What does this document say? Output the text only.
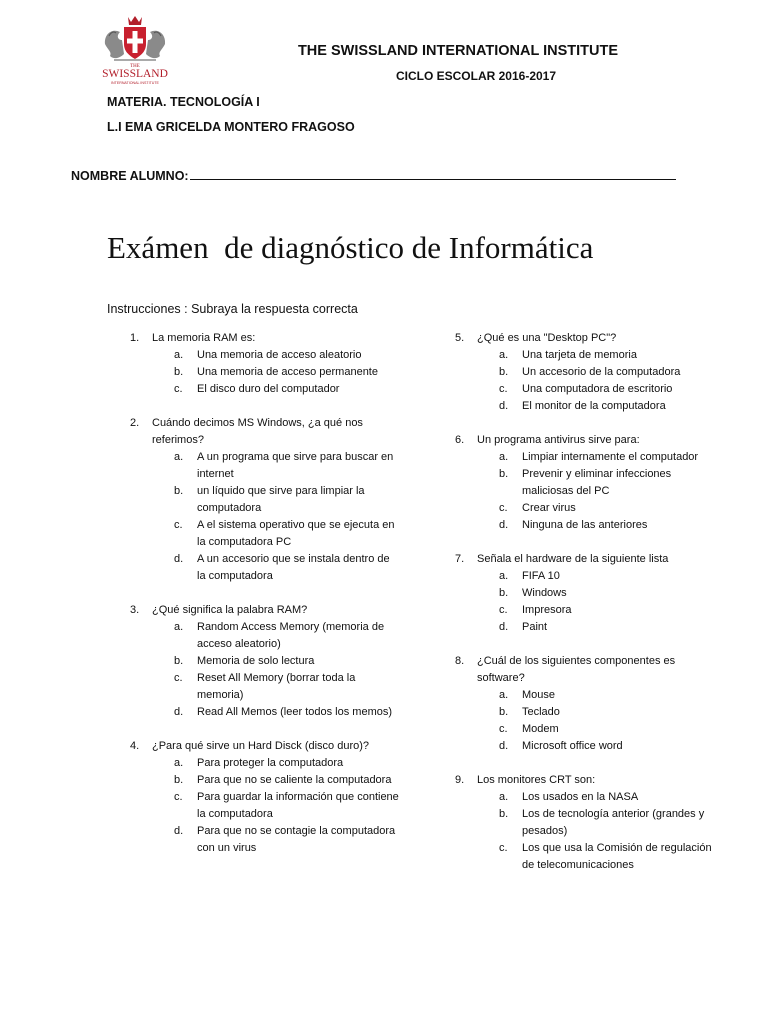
THE
SWISSLAND
INTERNATIONAL INSTITUTE
THE SWISSLAND INTERNATIONAL INSTITUTE
CICLO ESCOLAR 2016-2017
MATERIA. TECNOLOGÍA I
L.I EMA GRICELDA MONTERO FRAGOSO
NOMBRE ALUMNO:
Exámen  de diagnóstico de Informática
Instrucciones : Subraya la respuesta correcta
1. La memoria RAM es:
a. Una memoria de acceso aleatorio
b. Una memoria de acceso permanente
c. El disco duro del computador
2. Cuándo decimos MS Windows, ¿a qué nos referimos?
a. A un programa que sirve para buscar en internet
b. un líquido que sirve para limpiar la computadora
c. A el sistema operativo que se ejecuta en la computadora PC
d. A un accesorio que se instala dentro de la computadora
3. ¿Qué significa la palabra RAM?
a. Random Access Memory (memoria de acceso aleatorio)
b. Memoria de solo lectura
c. Reset All Memory (borrar toda la memoria)
d. Read All Memos (leer todos los memos)
4. ¿Para qué sirve un Hard Disck (disco duro)?
a. Para proteger la computadora
b. Para que no se caliente la computadora
c. Para guardar la información que contiene la computadora
d. Para que no se contagie la computadora con un virus
5. ¿Qué es una "Desktop PC"?
a. Una tarjeta de memoria
b. Un accesorio de la computadora
c. Una computadora de escritorio
d. El monitor de la computadora
6. Un programa antivirus sirve para:
a. Limpiar internamente el computador
b. Prevenir y eliminar infecciones maliciosas del PC
c. Crear virus
d. Ninguna de las anteriores
7. Señala el hardware de la siguiente lista
a. FIFA 10
b. Windows
c. Impresora
d. Paint
8. ¿Cuál de los siguientes componentes es software?
a. Mouse
b. Teclado
c. Modem
d. Microsoft office word
9. Los monitores CRT son:
a. Los usados en la NASA
b. Los de tecnología anterior (grandes y pesados)
c. Los que usa la Comisión de regulación de telecomunicaciones
